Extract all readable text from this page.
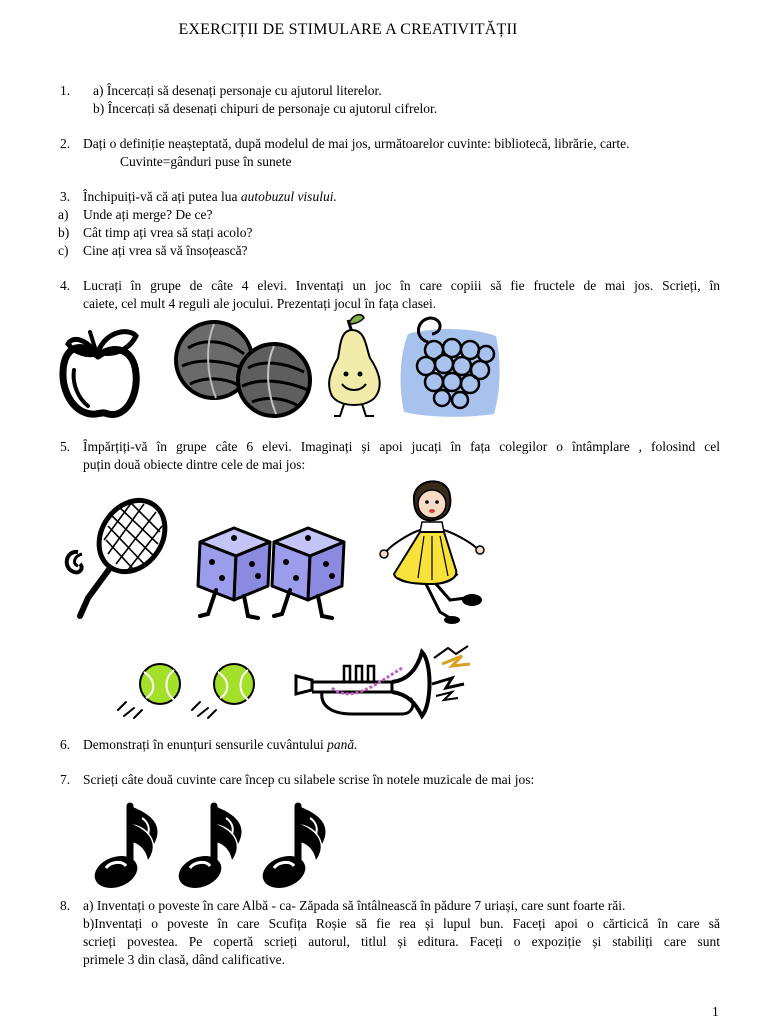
EXERCIȚII DE STIMULARE A CREATIVITĂȚII
1. a) Încercați să desenați personaje cu ajutorul literelor.
b) Încercați să desenați chipuri de personaje cu ajutorul cifrelor.
2. Dați o definiție neașteptată, după modelul de mai jos, următoarelor cuvinte: bibliotecă, librărie, carte.
Cuvinte=gânduri puse în sunete
3. Închipuiți-vă că ați putea lua autobuzul visului.
a) Unde ați merge? De ce?
b) Cât timp ați vrea să stați acolo?
c) Cine ați vrea să vă însoțească?
4. Lucrați în grupe de câte 4 elevi. Inventați un joc în care copiii să fie fructele de mai jos. Scrieți, în
caiete, cel mult 4 reguli ale jocului. Prezentați jocul în fața clasei.
5. Împărțiți-vă în grupe câte 6 elevi. Imaginați și apoi jucați în fața colegilor o întâmplare , folosind cel
puțin două obiecte dintre cele de mai jos:
6. Demonstrați în enunțuri sensurile cuvântului pană.
7. Scrieți câte două cuvinte care încep cu silabele scrise în notele muzicale de mai jos:
8. a) Inventați o poveste în care Albă - ca- Zăpada să întâlnească în pădure 7 uriași, care sunt foarte răi.
b)Inventați o poveste în care Scufița Roșie să fie rea și lupul bun. Faceți apoi o cărticică în care să
scrieți povestea. Pe copertă scrieți autorul, titlul și editura. Faceți o expoziție și stabiliți care sunt
primele 3 din clasă, dând calificative.
1
